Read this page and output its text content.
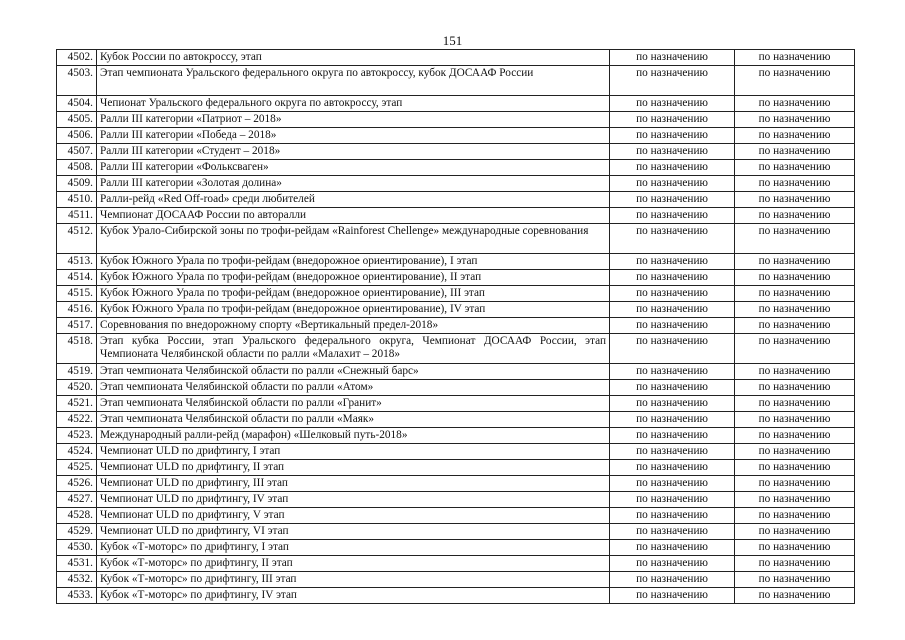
151
4502.	Кубок России по автокроссу, этап	по назначению	по назначению
4503.	Этап чемпионата Уральского федерального округа по автокроссу, кубок ДОСААФ России	по назначению	по назначению
4504.	Чепионат Уральского федерального округа по автокроссу, этап	по назначению	по назначению
4505.	Ралли III категории «Патриот – 2018»	по назначению	по назначению
4506.	Ралли III категории «Победа – 2018»	по назначению	по назначению
4507.	Ралли III категории «Студент – 2018»	по назначению	по назначению
4508.	Ралли III категории «Фольксваген»	по назначению	по назначению
4509.	Ралли III категории «Золотая долина»	по назначению	по назначению
4510.	Ралли-рейд «Red Off-road» среди любителей	по назначению	по назначению
4511.	Чемпионат ДОСААФ России по авторалли	по назначению	по назначению
4512.	Кубок Урало-Сибирской зоны по трофи-рейдам «Rainforest Chellenge» международные соревнования	по назначению	по назначению
4513.	Кубок Южного Урала по трофи-рейдам (внедорожное ориентирование), I этап	по назначению	по назначению
4514.	Кубок Южного Урала по трофи-рейдам (внедорожное ориентирование), II этап	по назначению	по назначению
4515.	Кубок Южного Урала по трофи-рейдам (внедорожное ориентирование), III этап	по назначению	по назначению
4516.	Кубок Южного Урала по трофи-рейдам (внедорожное ориентирование), IV этап	по назначению	по назначению
4517.	Соревнования по внедорожному спорту «Вертикальный предел-2018»	по назначению	по назначению
4518.	Этап кубка России, этап Уральского федерального округа, Чемпионат ДОСААФ России, этап Чемпионата Челябинской области по ралли «Малахит – 2018»	по назначению	по назначению
4519.	Этап чемпионата Челябинской области по ралли «Снежный барс»	по назначению	по назначению
4520.	Этап чемпионата Челябинской области по ралли «Атом»	по назначению	по назначению
4521.	Этап чемпионата Челябинской области по ралли «Гранит»	по назначению	по назначению
4522.	Этап чемпионата Челябинской области по ралли «Маяк»	по назначению	по назначению
4523.	Международный ралли-рейд (марафон) «Шелковый путь-2018»	по назначению	по назначению
4524.	Чемпионат ULD по дрифтингу, I этап	по назначению	по назначению
4525.	Чемпионат ULD по дрифтингу, II этап	по назначению	по назначению
4526.	Чемпионат ULD по дрифтингу, III этап	по назначению	по назначению
4527.	Чемпионат ULD по дрифтингу, IV этап	по назначению	по назначению
4528.	Чемпионат ULD по дрифтингу, V этап	по назначению	по назначению
4529.	Чемпионат ULD по дрифтингу, VI этап	по назначению	по назначению
4530.	Кубок «Т-моторс» по дрифтингу, I этап	по назначению	по назначению
4531.	Кубок «Т-моторс» по дрифтингу, II этап	по назначению	по назначению
4532.	Кубок «Т-моторс» по дрифтингу, III этап	по назначению	по назначению
4533.	Кубок «Т-моторс» по дрифтингу, IV этап	по назначению	по назначению
